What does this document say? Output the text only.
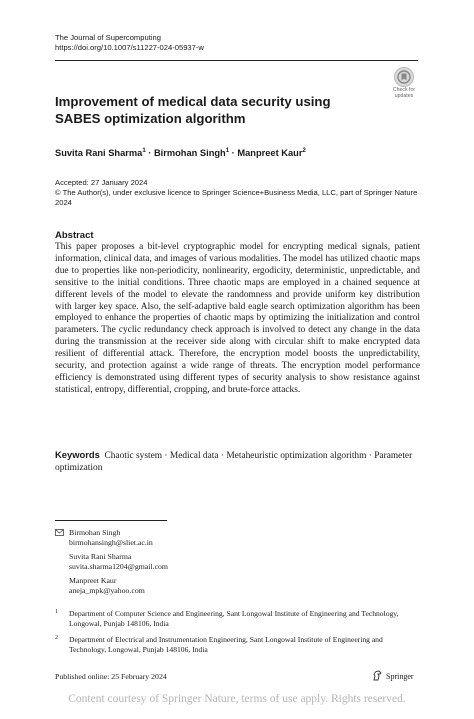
The Journal of Supercomputing
https://doi.org/10.1007/s11227-024-05937-w
Check for
updates
Improvement of medical data security using SABES optimization algorithm
Suvita Rani Sharma$^1$ · Birmohan Singh$^1$ · Manpreet Kaur$^2$
Accepted: 27 January 2024
© The Author(s), under exclusive licence to Springer Science+Business Media, LLC, part of Springer Nature 2024
Abstract
This paper proposes a bit-level cryptographic model for encrypting medical signals, patient information, clinical data, and images of various modalities. The model has utilized chaotic maps due to properties like non-periodicity, nonlinearity, ergodicity, deterministic, unpredictable, and sensitive to the initial conditions. Three chaotic maps are employed in a chained sequence at different levels of the model to elevate the randomness and provide uniform key distribution with larger key space. Also, the self-adaptive bald eagle search optimization algorithm has been employed to enhance the properties of chaotic maps by optimizing the initialization and control parameters. The cyclic redundancy check approach is involved to detect any change in the data during the transmission at the receiver side along with circular shift to make encrypted data resilient of differential attack. Therefore, the encryption model boosts the unpredictability, security, and protection against a wide range of threats. The encryption model performance efficiency is demonstrated using different types of security analysis to show resistance against statistical, entropy, differential, cropping, and brute-force attacks.
Keywords Chaotic system · Medical data · Metaheuristic optimization algorithm · Parameter optimization
Birmohan Singh
birmohansingh@sliet.ac.in
Suvita Rani Sharma
suvita.sharma1204@gmail.com
Manpreet Kaur
aneja_mpk@yahoo.com
1 Department of Computer Science and Engineering, Sant Longowal Institute of Engineering and Technology, Longowal, Punjab 148106, India
2 Department of Electrical and Instrumentation Engineering, Sant Longowal Institute of Engineering and Technology, Longowal, Punjab 148106, India
Published online: 25 February 2024	Springer
Content courtesy of Springer Nature, terms of use apply. Rights reserved.
